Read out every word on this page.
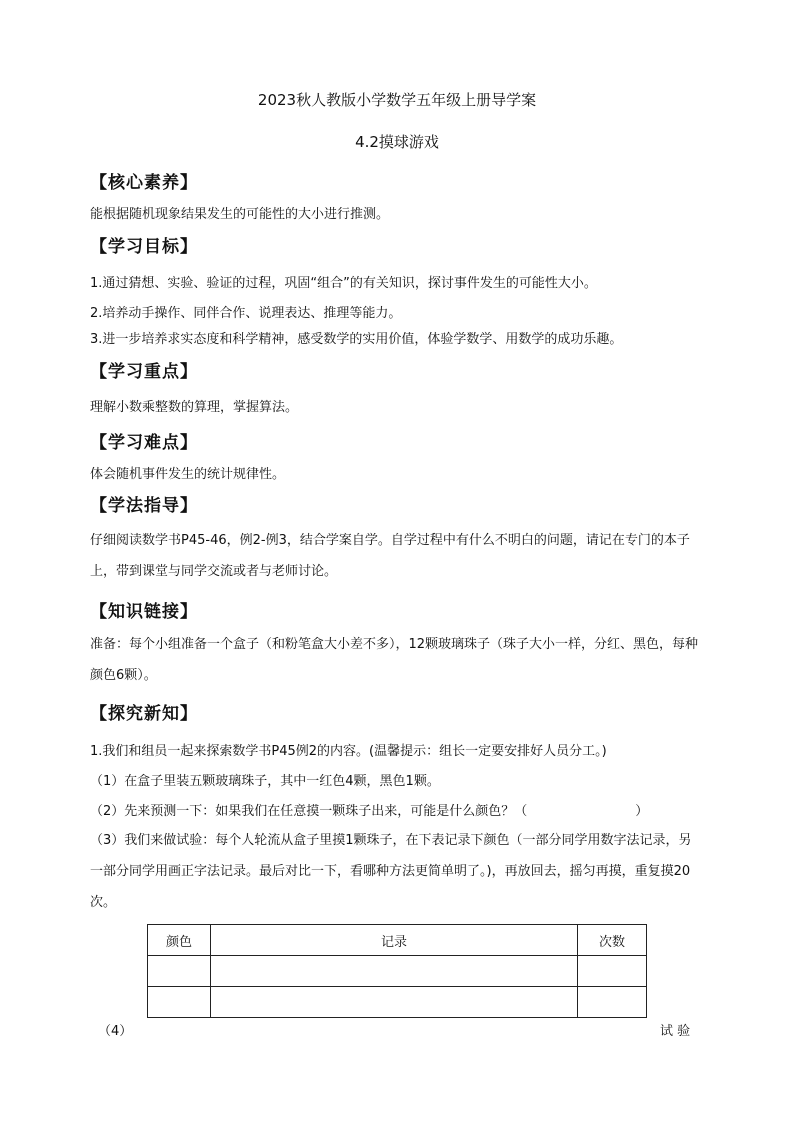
2023秋人教版小学数学五年级上册导学案
4.2摸球游戏
【核心素养】
能根据随机现象结果发生的可能性的大小进行推测。
【学习目标】
1.通过猜想、实验、验证的过程，巩固“组合”的有关知识，探讨事件发生的可能性大小。
2.培养动手操作、同伴合作、说理表达、推理等能力。
3.进一步培养求实态度和科学精神，感受数学的实用价值，体验学数学、用数学的成功乐趣。
【学习重点】
理解小数乘整数的算理，掌握算法。
【学习难点】
体会随机事件发生的统计规律性。
【学法指导】
仔细阅读数学书P45-46，例2-例3，结合学案自学。自学过程中有什么不明白的问题，请记在专门的本子上，带到课堂与同学交流或者与老师讨论。
【知识链接】
准备：每个小组准备一个盒子（和粉笔盒大小差不多），12颗玻璃珠子（珠子大小一样，分红、黑色，每种颜色6颗）。
【探究新知】
1.我们和组员一起来探索数学书P45例2的内容。(温馨提示：组长一定要安排好人员分工。)
（1）在盒子里装五颗玻璃珠子，其中一红色4颗，黑色1颗。
（2）先来预测一下：如果我们在任意摸一颗珠子出来，可能是什么颜色？（	）
（3）我们来做试验：每个人轮流从盒子里摸1颗珠子，在下表记录下颜色（一部分同学用数字法记录，另一部分同学用画正字法记录。最后对比一下，看哪种方法更简单明了。)，再放回去，摇匀再摸，重复摸20次。
颜色	记录	次数

（4）	试 验
